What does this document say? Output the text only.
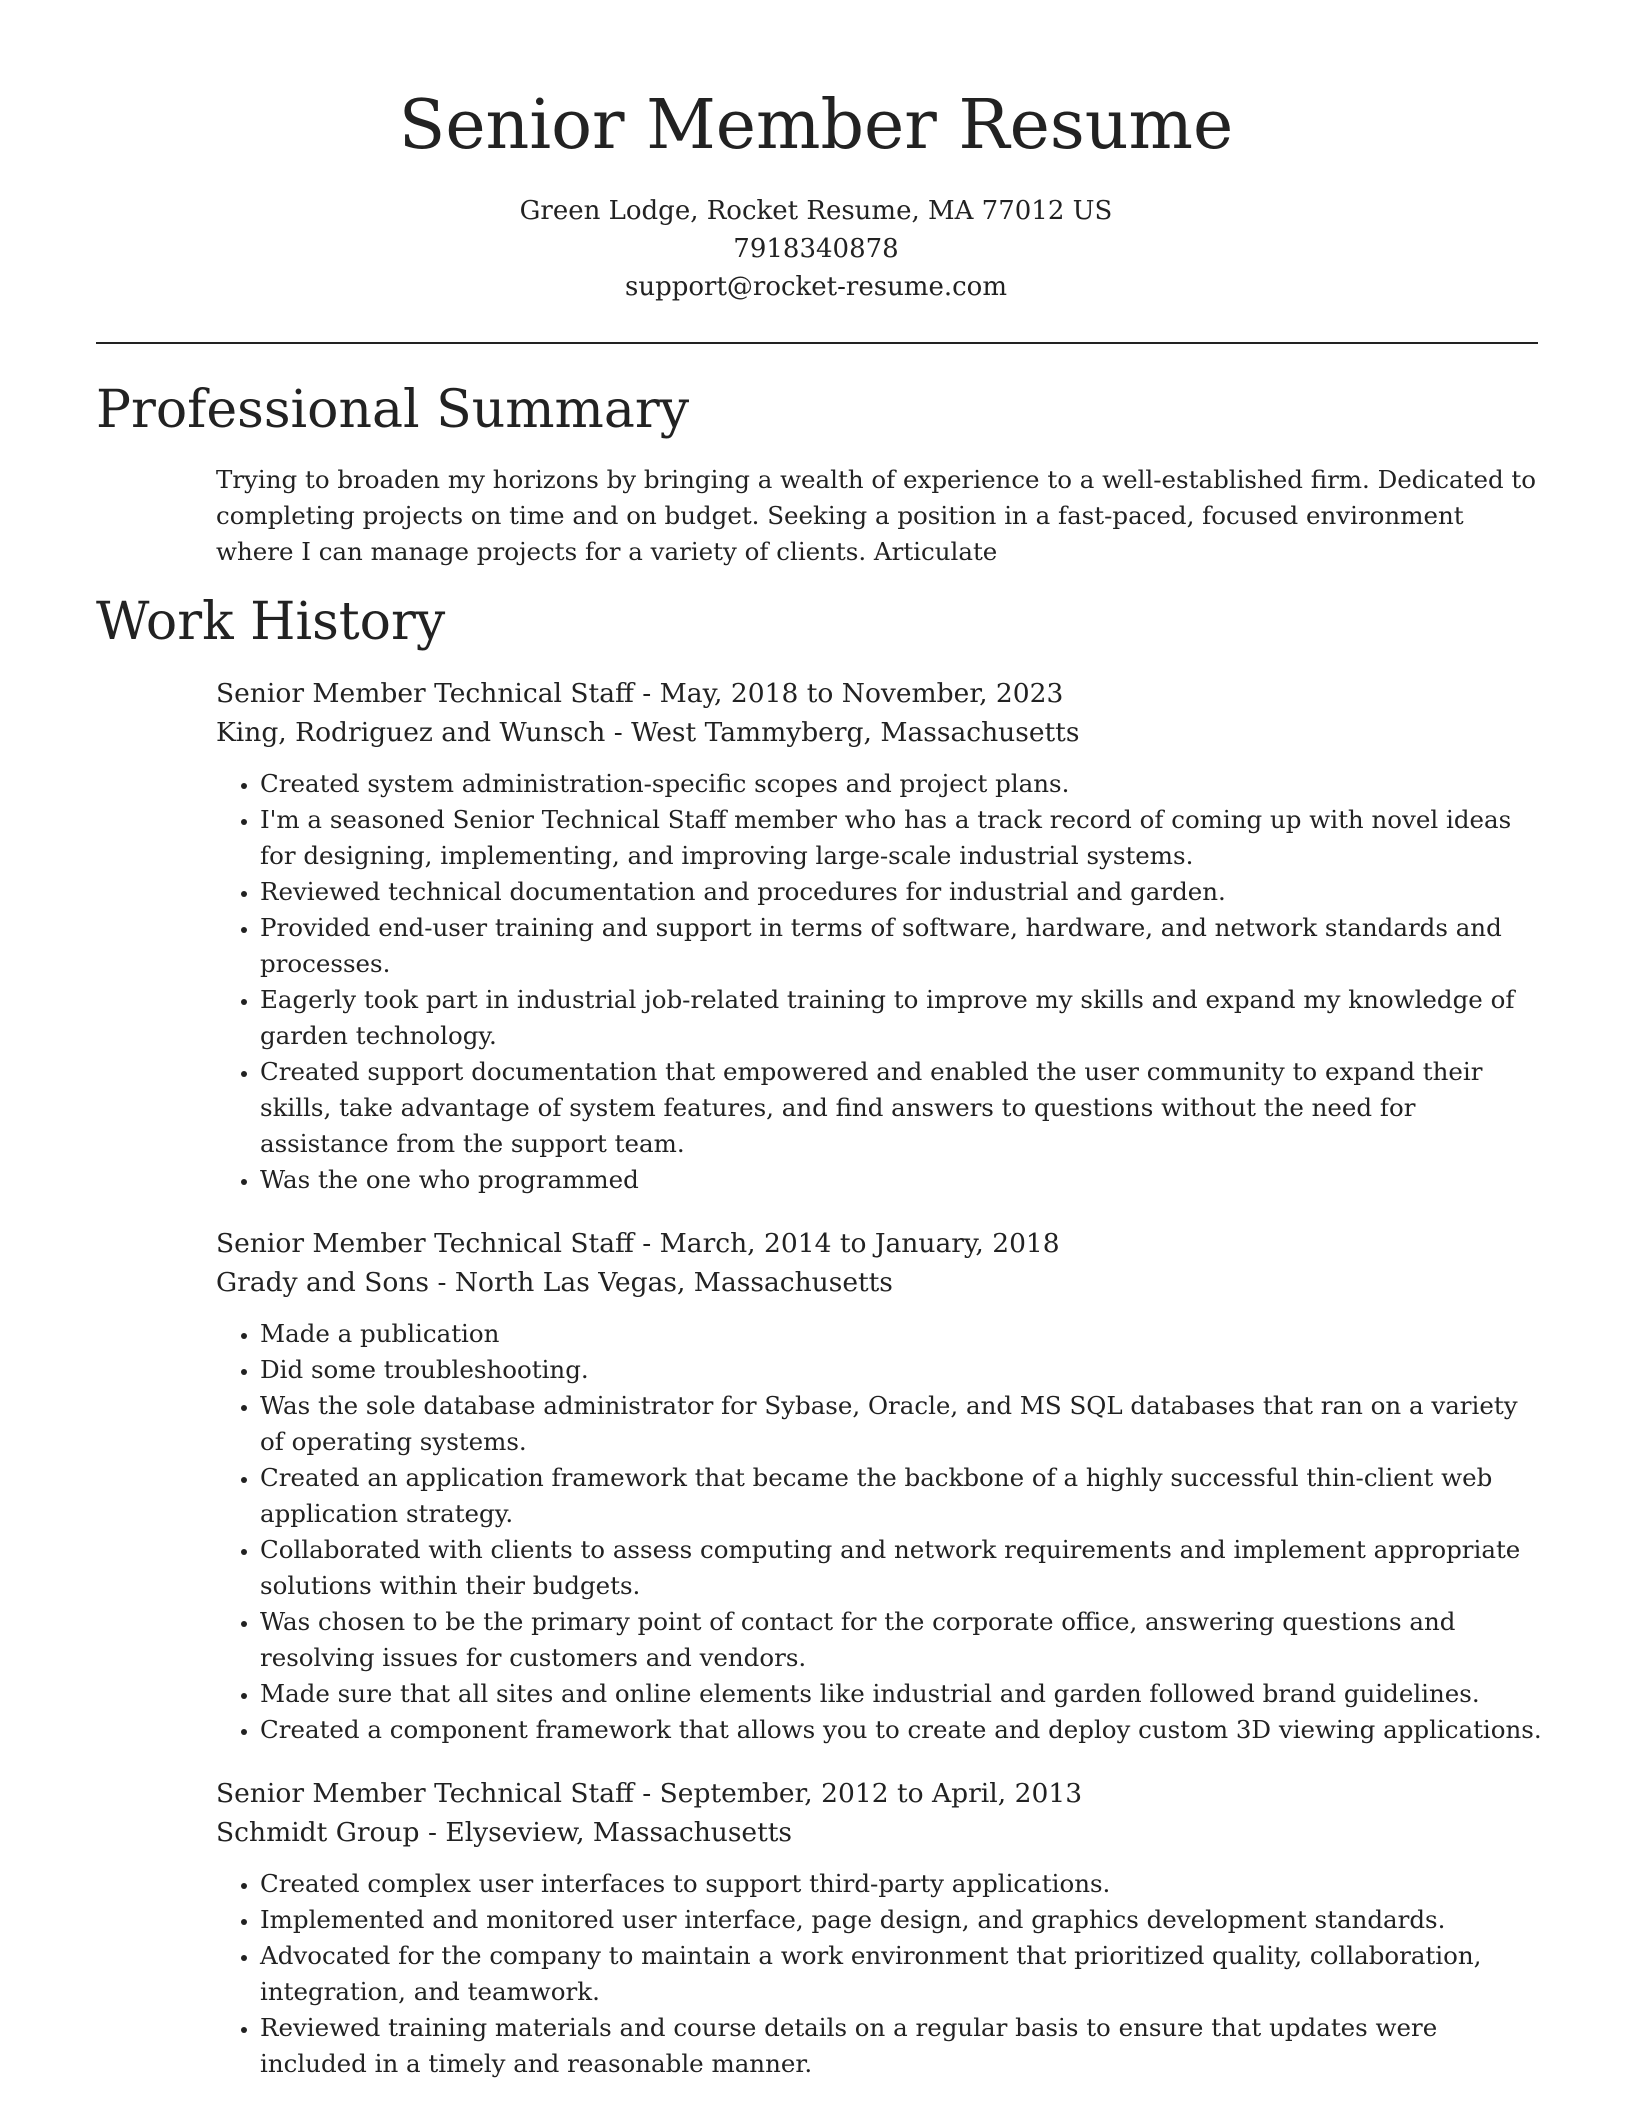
Senior Member Resume
Green Lodge, Rocket Resume, MA 77012 US
7918340878
support@rocket-resume.com
Professional Summary

Trying to broaden my horizons by bringing a wealth of experience to a well-established firm. Dedicated to completing projects on time and on budget. Seeking a position in a fast-paced, focused environment where I can manage projects for a variety of clients. Articulate

Work History

Senior Member Technical Staff - May, 2018 to November, 2023

King, Rodriguez and Wunsch - West Tammyberg, Massachusetts

• Created system administration-specific scopes and project plans.
• I'm a seasoned Senior Technical Staff member who has a track record of coming up with novel ideas for designing, implementing, and improving large-scale industrial systems.
• Reviewed technical documentation and procedures for industrial and garden.
• Provided end-user training and support in terms of software, hardware, and network standards and processes.
• Eagerly took part in industrial job-related training to improve my skills and expand my knowledge of garden technology.
• Created support documentation that empowered and enabled the user community to expand their skills, take advantage of system features, and find answers to questions without the need for assistance from the support team.
• Was the one who programmed

Senior Member Technical Staff - March, 2014 to January, 2018

Grady and Sons - North Las Vegas, Massachusetts

• Made a publication
• Did some troubleshooting.
• Was the sole database administrator for Sybase, Oracle, and MS SQL databases that ran on a variety of operating systems.
• Created an application framework that became the backbone of a highly successful thin-client web application strategy.
• Collaborated with clients to assess computing and network requirements and implement appropriate solutions within their budgets.
• Was chosen to be the primary point of contact for the corporate office, answering questions and resolving issues for customers and vendors.
• Made sure that all sites and online elements like industrial and garden followed brand guidelines.
• Created a component framework that allows you to create and deploy custom 3D viewing applications.

Senior Member Technical Staff - September, 2012 to April, 2013

Schmidt Group - Elyseview, Massachusetts

• Created complex user interfaces to support third-party applications.
• Implemented and monitored user interface, page design, and graphics development standards.
• Advocated for the company to maintain a work environment that prioritized quality, collaboration, integration, and teamwork.
• Reviewed training materials and course details on a regular basis to ensure that updates were included in a timely and reasonable manner.
